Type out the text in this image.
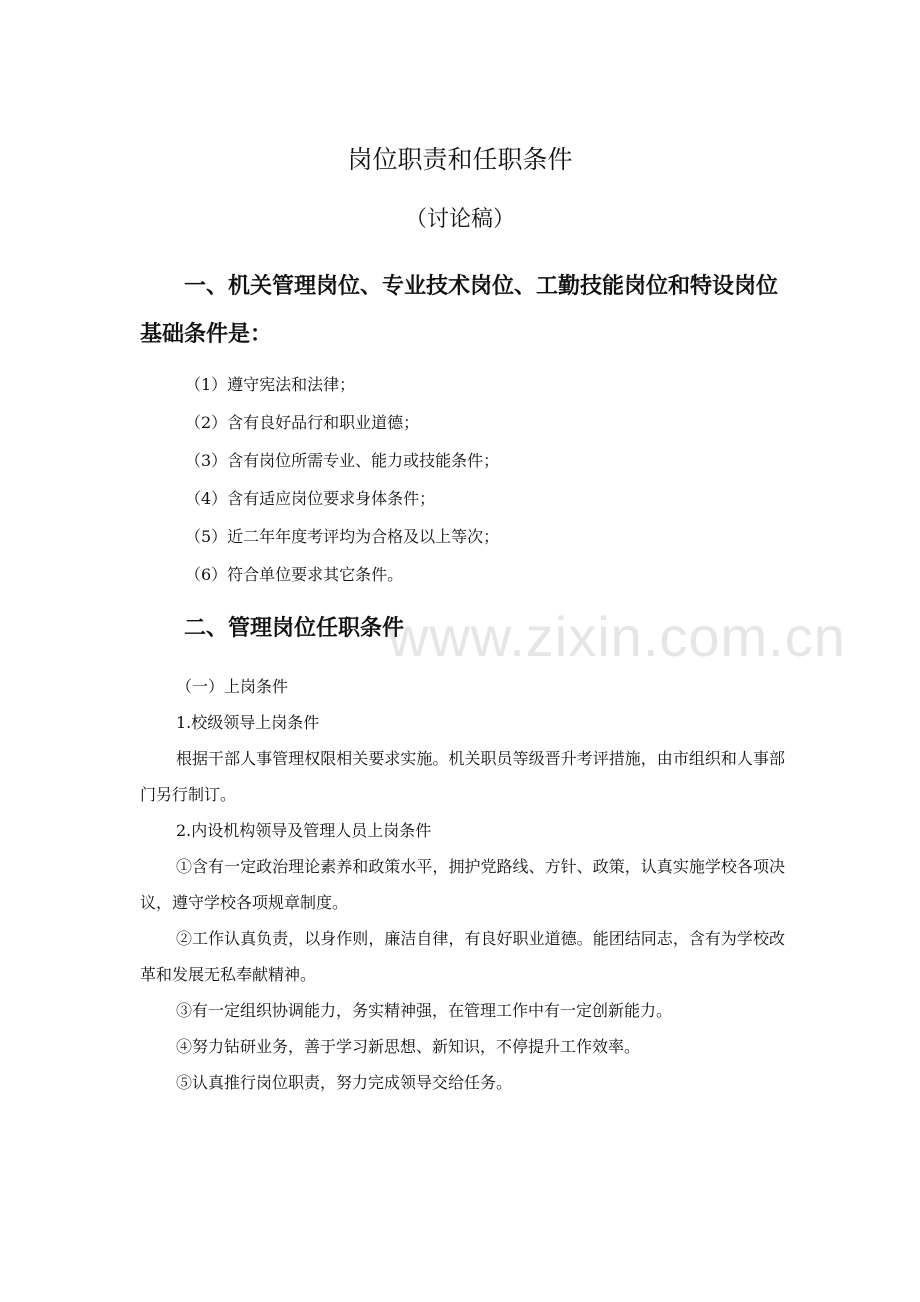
www.zixin.com.cn
岗位职责和任职条件
（讨论稿）
一、机关管理岗位、专业技术岗位、工勤技能岗位和特设岗位基础条件是：
（1）遵守宪法和法律；
（2）含有良好品行和职业道德；
（3）含有岗位所需专业、能力或技能条件；
（4）含有适应岗位要求身体条件；
（5）近二年年度考评均为合格及以上等次；
（6）符合单位要求其它条件。
二、管理岗位任职条件

（一）上岗条件

1.校级领导上岗条件

根据干部人事管理权限相关要求实施。机关职员等级晋升考评措施，由市组织和人事部门另行制订。

2.内设机构领导及管理人员上岗条件

①含有一定政治理论素养和政策水平，拥护党路线、方针、政策，认真实施学校各项决议，遵守学校各项规章制度。

②工作认真负责，以身作则，廉洁自律，有良好职业道德。能团结同志，含有为学校改革和发展无私奉献精神。

③有一定组织协调能力，务实精神强，在管理工作中有一定创新能力。

④努力钻研业务，善于学习新思想、新知识，不停提升工作效率。

⑤认真推行岗位职责，努力完成领导交给任务。
